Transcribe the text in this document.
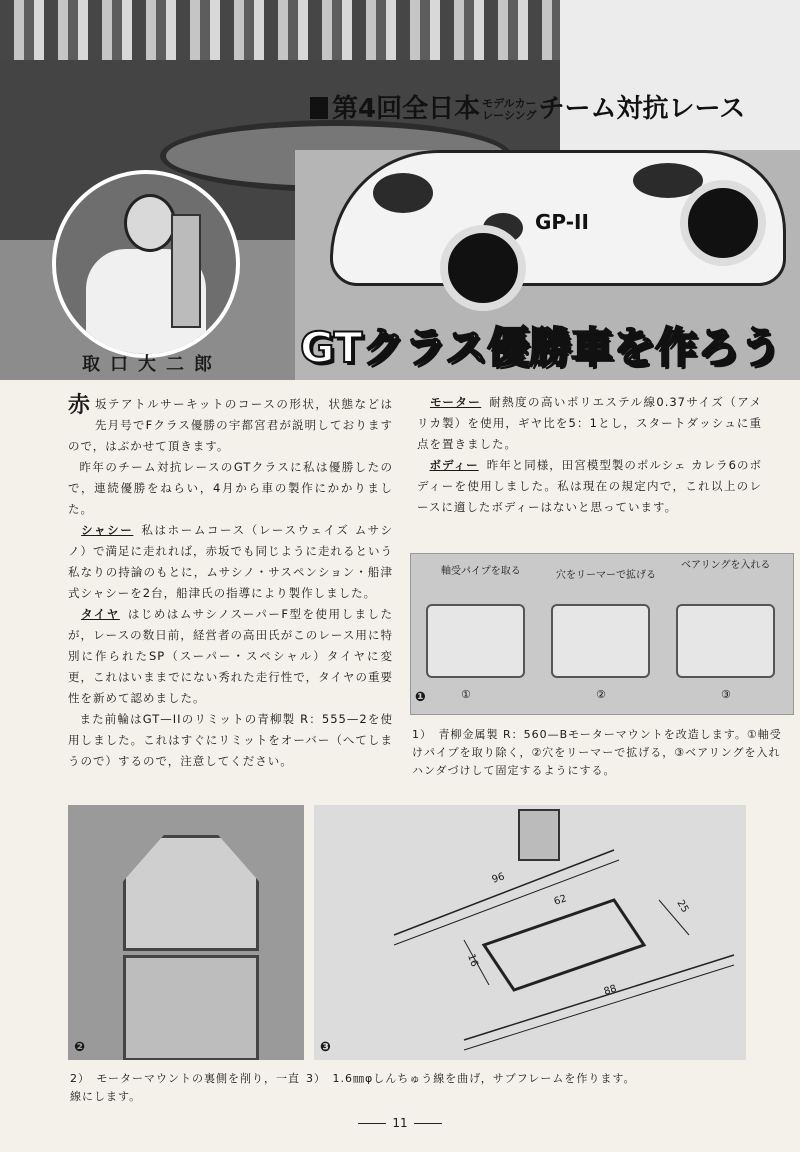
GP-II
取口大二郎
第4回全日本 モデルカー
レーシング チーム対抗レース
GTクラス優勝車を作ろう

赤坂テアトルサーキットのコースの形状，状態などは先月号でFクラス優勝の宇都宮君が説明しておりますので，はぶかせて頂きます。

昨年のチーム対抗レースのGTクラスに私は優勝したので，連続優勝をねらい，4月から車の製作にかかりました。

　シャシー 私はホームコース（レースウェイズ ムサシノ）で満足に走れれば，赤坂でも同じように走れるという私なりの持論のもとに，ムサシノ・サスペンション・船津式シャシーを2台，船津氏の指導により製作しました。

　タイヤ はじめはムサシノスーパーF型を使用しましたが，レースの数日前，経営者の高田氏がこのレース用に特別に作られたSP（スーパー・スペシャル）タイヤに変更，これはいままでにない秀れた走行性で，タイヤの重要性を新めて認めました。

また前輪はGT—IIのリミットの青柳製 R：555—2を使用しました。これはすぐにリミットをオーバー（へてしまうので）するので，注意してください。

　モーター 耐熱度の高いポリエステル線0.37サイズ（アメリカ製）を使用，ギヤ比を5：1とし，スタートダッシュに重点を置きました。

　ボディー 昨年と同様，田宮模型製のポルシェ カレラ6のボディーを使用しました。私は現在の規定内で，これ以上のレースに適したボディーはないと思っています。

軸受パイプを取る	穴をリーマーで拡げる
ベアリングを入れる
①	②	③
❶
1）　青柳金属製 R：560—Bモーターマウントを改造します。①軸受けパイプを取り除く，②穴をリーマーで拡げる，③ベアリングを入れハンダづけして固定するようにする。
❷
96
62	25
88
16
❸
2）　モーターマウントの裏側を削り，一直線にします。
3）　1.6㎜φしんちゅう線を曲げ，サブフレームを作ります。
11
